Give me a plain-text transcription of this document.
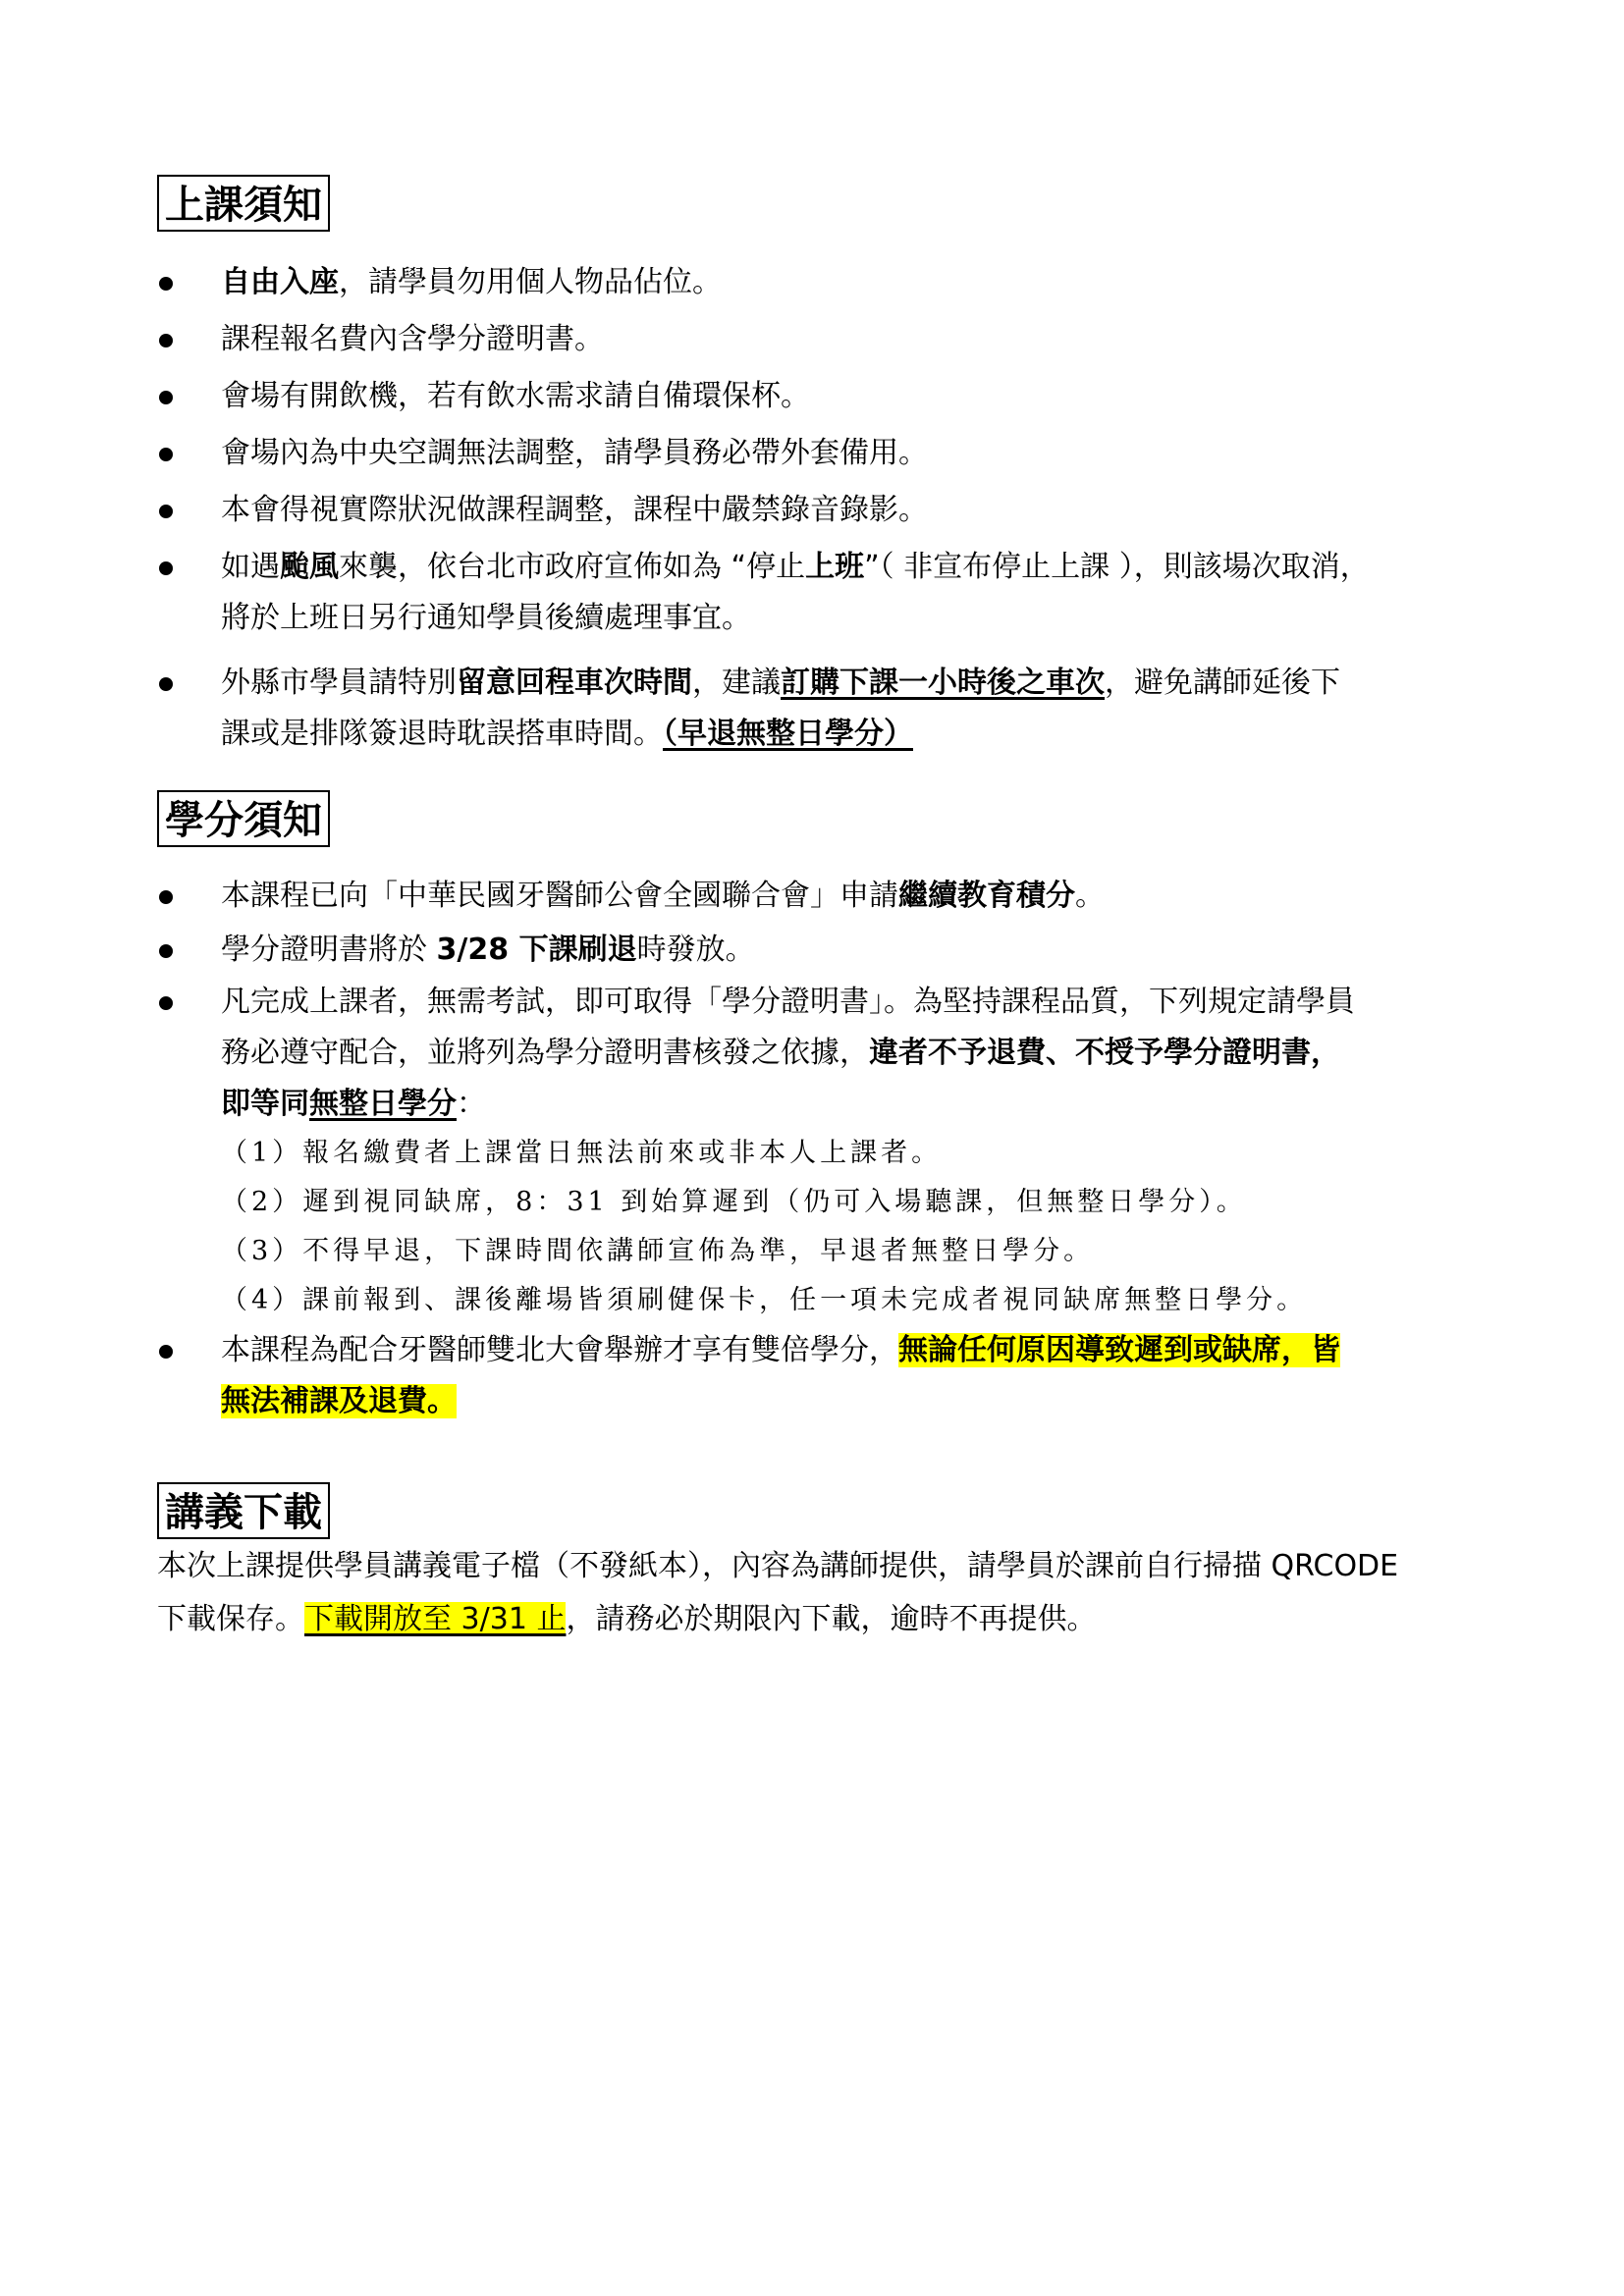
上課須知
自由入座，請學員勿用個人物品佔位。
課程報名費內含學分證明書。
會場有開飲機，若有飲水需求請自備環保杯。
會場內為中央空調無法調整，請學員務必帶外套備用。
本會得視實際狀況做課程調整，課程中嚴禁錄音錄影。
如遇颱風來襲，依台北市政府宣佈如為 “停止上班”（ 非宣布停止上課 ），則該場次取消，
將於上班日另行通知學員後續處理事宜。
外縣市學員請特別留意回程車次時間，建議訂購下課一小時後之車次，避免講師延後下
課或是排隊簽退時耽誤搭車時間。（早退無整日學分）
學分須知
本課程已向「中華民國牙醫師公會全國聯合會」申請繼續教育積分。
學分證明書將於 3/28 下課刷退時發放。
凡完成上課者，無需考試，即可取得「學分證明書」。為堅持課程品質，下列規定請學員
務必遵守配合，並將列為學分證明書核發之依據，違者不予退費、不授予學分證明書，
即等同無整日學分：
（1）報名繳費者上課當日無法前來或非本人上課者。
（2）遲到視同缺席，8：31 到始算遲到（仍可入場聽課，但無整日學分）。
（3）不得早退，下課時間依講師宣佈為準，早退者無整日學分。
（4）課前報到、課後離場皆須刷健保卡，任一項未完成者視同缺席無整日學分。
本課程為配合牙醫師雙北大會舉辦才享有雙倍學分，無論任何原因導致遲到或缺席，皆
無法補課及退費。
講義下載
本次上課提供學員講義電子檔（不發紙本），內容為講師提供，請學員於課前自行掃描 QRCODE
下載保存。下載開放至 3/31 止，請務必於期限內下載，逾時不再提供。
